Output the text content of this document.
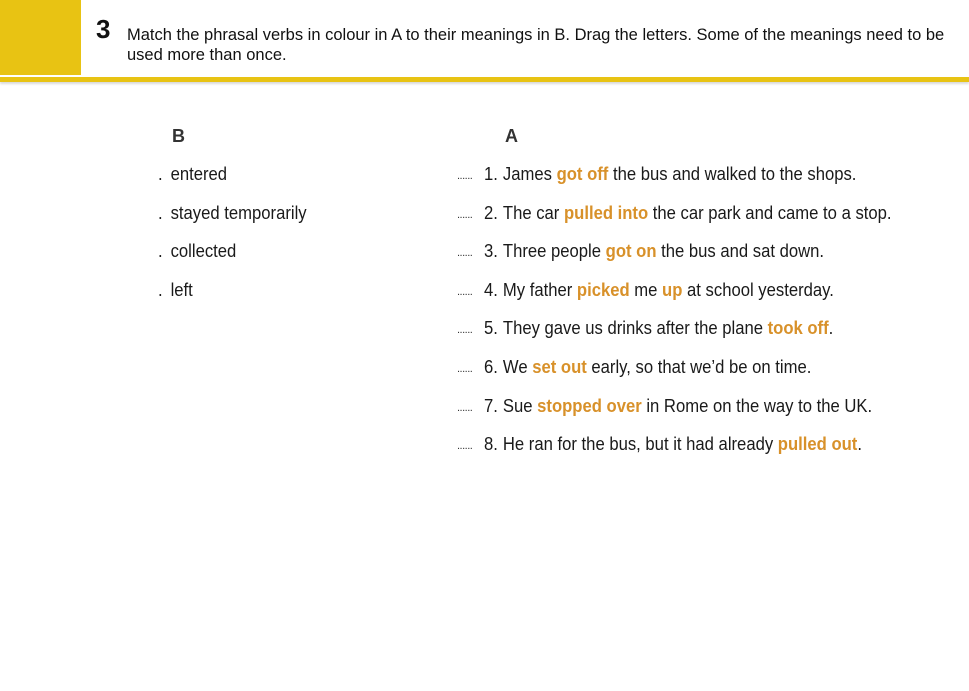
3 Match the phrasal verbs in colour in A to their meanings in B. Drag the letters. Some of the meanings need to be used more than once.
B	A
. entered
. stayed temporarily
. collected
. left
...... 1. James got off the bus and walked to the shops.
...... 2. The car pulled into the car park and came to a stop.
...... 3. Three people got on the bus and sat down.
...... 4. My father picked me up at school yesterday.
...... 5. They gave us drinks after the plane took off.
...... 6. We set out early, so that we’d be on time.
...... 7. Sue stopped over in Rome on the way to the UK.
...... 8. He ran for the bus, but it had already pulled out.
